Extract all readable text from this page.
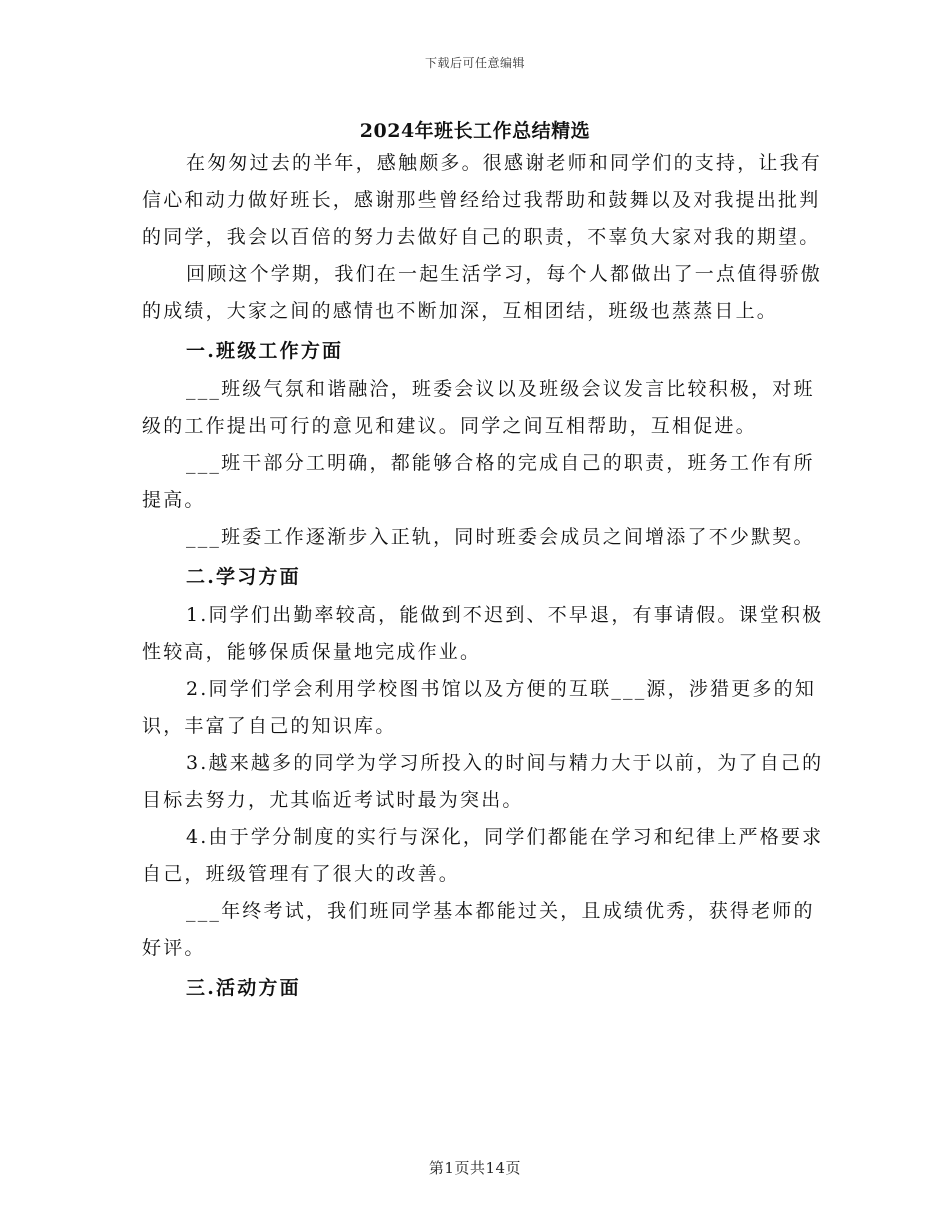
下载后可任意编辑
2024年班长工作总结精选

在匆匆过去的半年，感触颇多。很感谢老师和同学们的支持，让我有信心和动力做好班长，感谢那些曾经给过我帮助和鼓舞以及对我提出批判的同学，我会以百倍的努力去做好自己的职责，不辜负大家对我的期望。

回顾这个学期，我们在一起生活学习，每个人都做出了一点值得骄傲的成绩，大家之间的感情也不断加深，互相团结，班级也蒸蒸日上。

一.班级工作方面

___班级气氛和谐融洽，班委会议以及班级会议发言比较积极，对班级的工作提出可行的意见和建议。同学之间互相帮助，互相促进。

___班干部分工明确，都能够合格的完成自己的职责，班务工作有所提高。

___班委工作逐渐步入正轨，同时班委会成员之间增添了不少默契。

二.学习方面

1.同学们出勤率较高，能做到不迟到、不早退，有事请假。课堂积极性较高，能够保质保量地完成作业。

2.同学们学会利用学校图书馆以及方便的互联___源，涉猎更多的知识，丰富了自己的知识库。

3.越来越多的同学为学习所投入的时间与精力大于以前，为了自己的目标去努力，尤其临近考试时最为突出。

4.由于学分制度的实行与深化，同学们都能在学习和纪律上严格要求自己，班级管理有了很大的改善。

___年终考试，我们班同学基本都能过关，且成绩优秀，获得老师的好评。

三.活动方面

第1页共14页
